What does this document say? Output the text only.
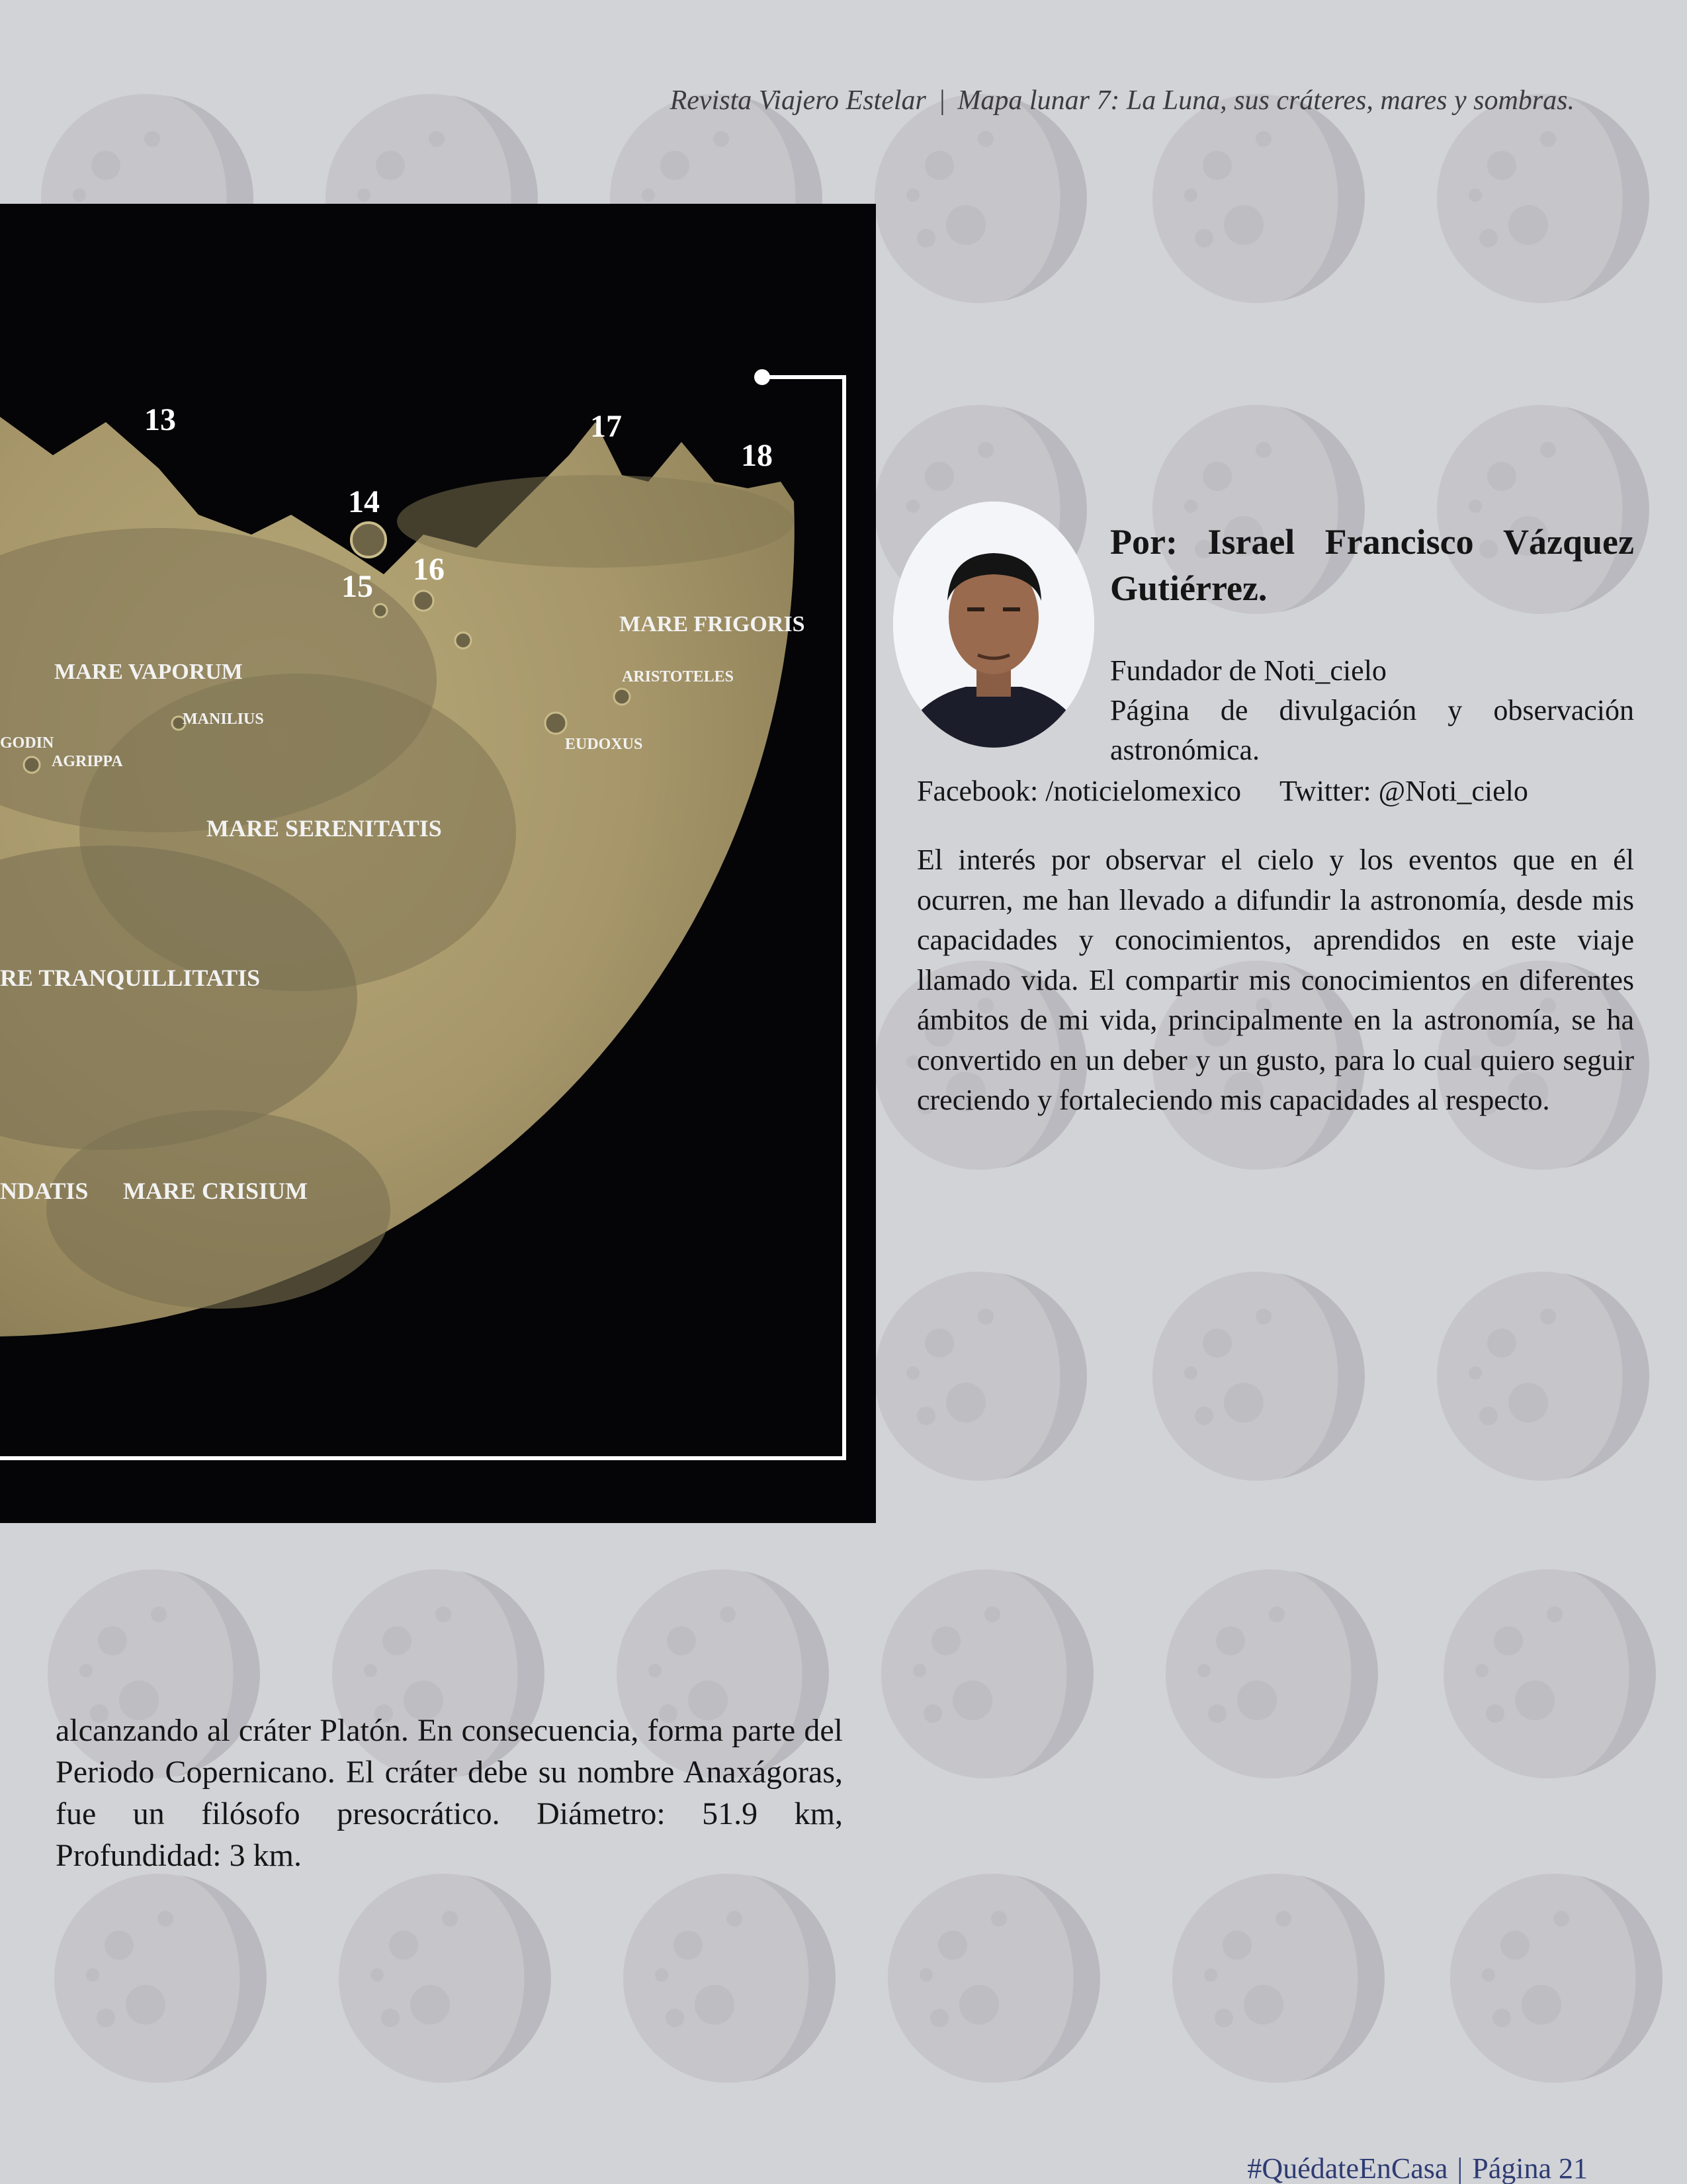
Revista Viajero Estelar | Mapa lunar 7: La Luna, sus cráteres, mares y sombras.
13
14
15 16
17
18
MARE FRIGORIS
ARISTOTELES
MARE VAPORUM
MANILIUS
EUDOXUS
GODIN
AGRIPPA
MARE SERENITATIS
RE TRANQUILLITATIS
NDATIS MARE CRISIUM
Por: Israel Francisco Vázquez Gutiérrez.
Fundador de Noti_cielo
Página de divulgación y observación
astronómica.
Facebook: /noticielomexico Twitter: @Noti_cielo
El interés por observar el cielo y los eventos que en él ocurren, me han llevado a difundir la astronomía, desde mis capacidades y conocimientos, aprendidos en este viaje llamado vida. El compartir mis conocimientos en diferentes ámbitos de mi vida, principalmente en la astronomía, se ha convertido en un deber y un gusto, para lo cual quiero seguir creciendo y fortaleciendo mis capacidades al respecto.
alcanzando al cráter Platón. En consecuencia, forma parte del Periodo Copernicano. El cráter debe su nombre Anaxágoras, fue un filósofo presocrático. Diámetro: 51.9 km, Profundidad: 3 km.
#QuédateEnCasa | Página 21
